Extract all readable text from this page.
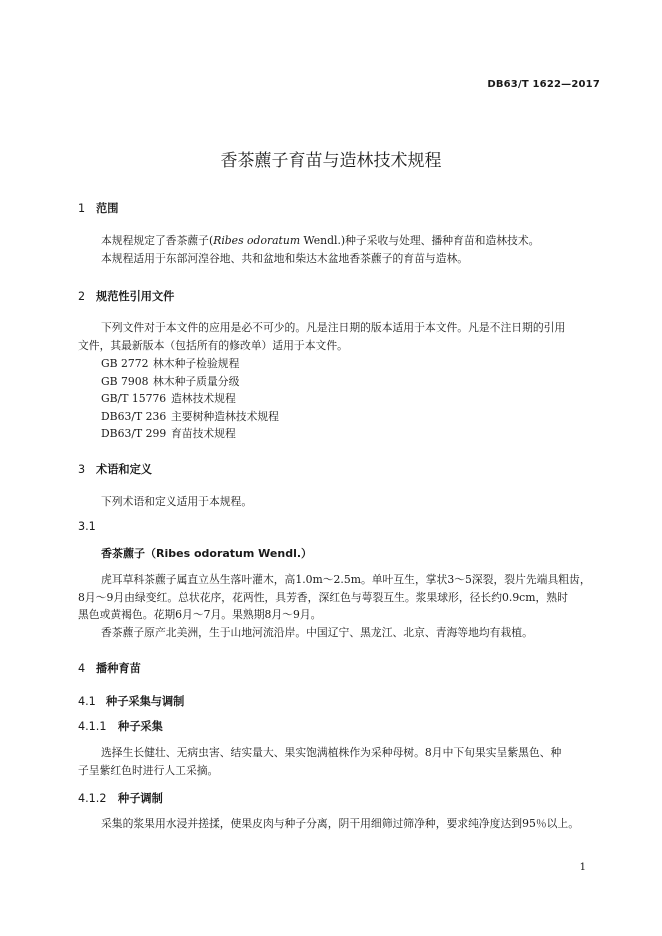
DB63/T 1622—2017
香茶藨子育苗与造林技术规程
1 范围
本规程规定了香茶藨子(Ribes odoratum Wendl.)种子采收与处理、播种育苗和造林技术。
本规程适用于东部河湟谷地、共和盆地和柴达木盆地香茶藨子的育苗与造林。
2 规范性引用文件
下列文件对于本文件的应用是必不可少的。凡是注日期的版本适用于本文件。凡是不注日期的引用
文件，其最新版本（包括所有的修改单）适用于本文件。
GB 2772 林木种子检验规程
GB 7908 林木种子质量分级
GB/T 15776 造林技术规程
DB63/T 236 主要树种造林技术规程
DB63/T 299 育苗技术规程
3 术语和定义
下列术语和定义适用于本规程。
3.1
香茶藨子（Ribes odoratum Wendl.）
虎耳草科茶藨子属直立丛生落叶灌木，高1.0m～2.5m。单叶互生，掌状3～5深裂，裂片先端具粗齿，
8月～9月由绿变红。总状花序，花两性，具芳香，深红色与萼裂互生。浆果球形，径长约0.9cm，熟时
黑色或黄褐色。花期6月～7月。果熟期8月～9月。
香茶藨子原产北美洲，生于山地河流沿岸。中国辽宁、黑龙江、北京、青海等地均有栽植。
4 播种育苗
4.1 种子采集与调制
4.1.1 种子采集
选择生长健壮、无病虫害、结实量大、果实饱满植株作为采种母树。8月中下旬果实呈紫黑色、种
子呈紫红色时进行人工采摘。
4.1.2 种子调制
采集的浆果用水浸并搓揉，使果皮肉与种子分离，阴干用细筛过筛净种，要求纯净度达到95％以上。
1
